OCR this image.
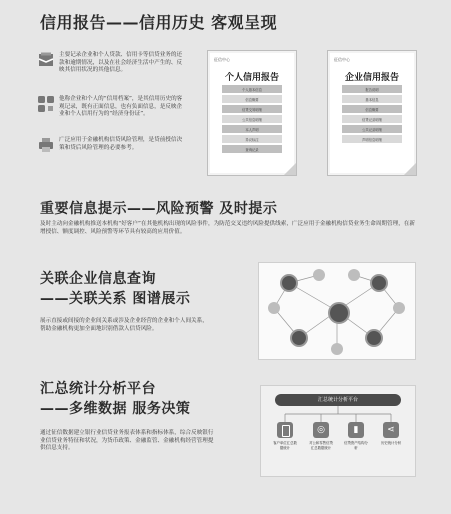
信用报告——信用历史 客观呈现
主要记录企业和个人贷款、信用卡等信贷业务的还款和逾期情况，以及在社会经济生活中产生的、反映其信用状况的其他信息。
他称企业和个人的“信用档案”，是其信用历史的客观记录，既有正面信息，也有负面信息，是反映企业和个人信用行为的“经济身份证”。
广泛应用于金融机构信贷风险管理，是贷前授信决策和贷后风险管理的必要参考。
征信中心
个人信用报告
个人基本信息
信息概要
信贷交易明细
公共信息明细
本人声明
异议标注
查询记录
征信中心
企业信用报告
报告说明
基本信息
信息概要
信贷记录明细
公共记录明细
声明信息明细
重要信息提示——风险预警 及时提示
及时主动向金融机构推送本机构“好客户”在其他机构出现的风险事件，为防范交叉违约风险提供线索，广泛应用于金融机构信贷业务生命周期管理，在新增授信、额度调控、风险预警等环节具有较高的应用价值。
关联企业信息查询
——关联关系 图谱展示
展示直接或间接的企业间关系或涉及企业经营的企业和个人间关系，帮助金融机构更加全面地识别借款人信贷风险。
汇总统计分析平台
——多维数据 服务决策
通过征信数据建立银行业信贷业务报表体系和指标体系，综合反映银行业信贷业务特征和状况，为货币政策、金融监管、金融机构经营管理提供信息支持。
汇总统计分析平台
客户单位汇总数据统计
◎
对公和零售信贷汇总数据统计
▮
信贷资产结构分析
⋖
历史统计分析
